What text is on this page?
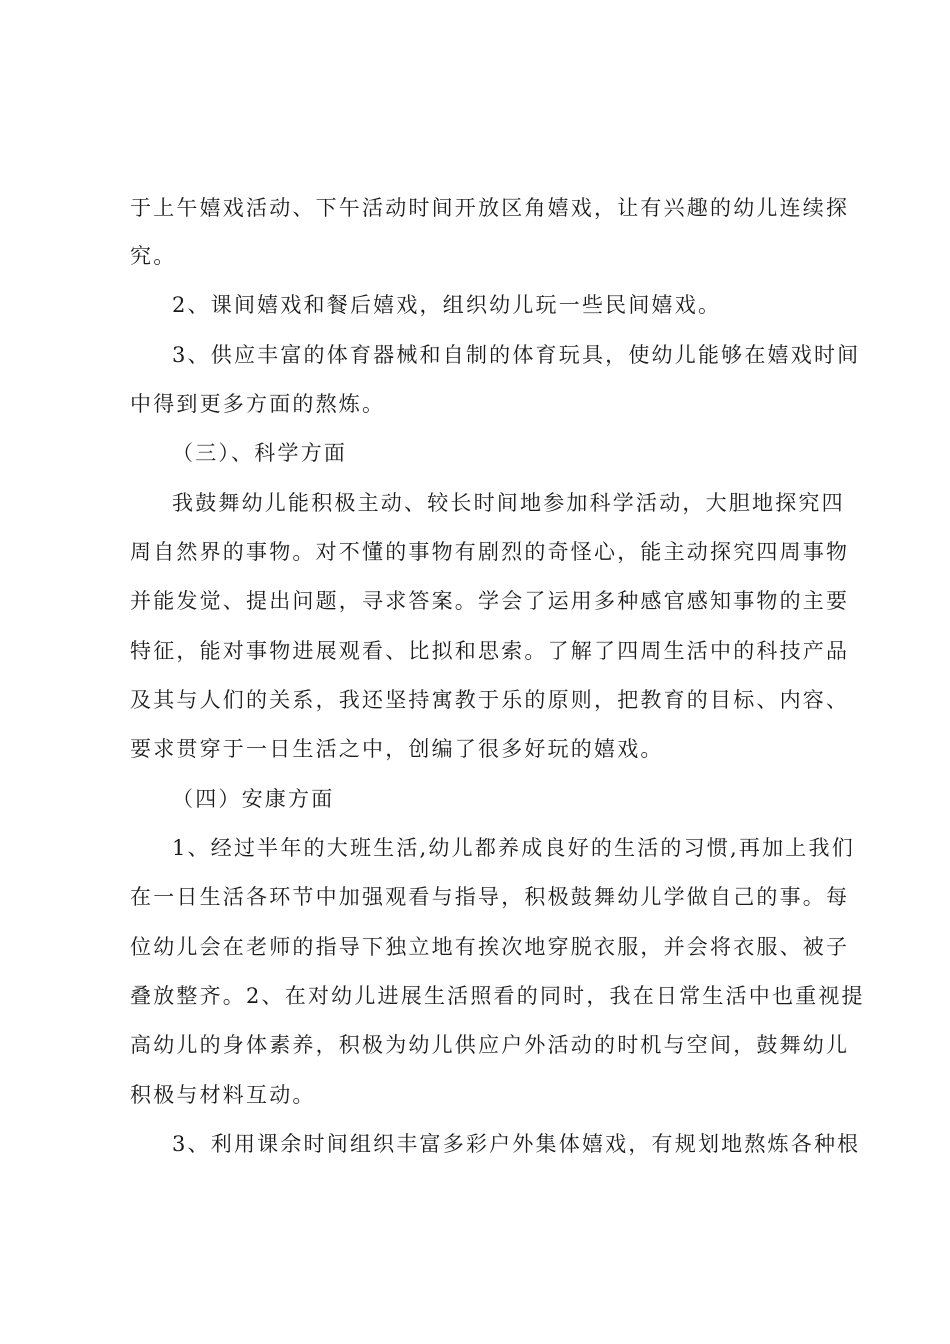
于上午嬉戏活动、下午活动时间开放区角嬉戏，让有兴趣的幼儿连续探
究。
2、课间嬉戏和餐后嬉戏，组织幼儿玩一些民间嬉戏。
3、供应丰富的体育器械和自制的体育玩具，使幼儿能够在嬉戏时间
中得到更多方面的熬炼。
（三）、科学方面
我鼓舞幼儿能积极主动、较长时间地参加科学活动，大胆地探究四
周自然界的事物。对不懂的事物有剧烈的奇怪心，能主动探究四周事物
并能发觉、提出问题，寻求答案。学会了运用多种感官感知事物的主要
特征，能对事物进展观看、比拟和思索。了解了四周生活中的科技产品
及其与人们的关系，我还坚持寓教于乐的原则，把教育的目标、内容、
要求贯穿于一日生活之中，创编了很多好玩的嬉戏。
（四）安康方面
1、经过半年的大班生活,幼儿都养成良好的生活的习惯,再加上我们
在一日生活各环节中加强观看与指导，积极鼓舞幼儿学做自己的事。每
位幼儿会在老师的指导下独立地有挨次地穿脱衣服，并会将衣服、被子
叠放整齐。2、在对幼儿进展生活照看的同时，我在日常生活中也重视提
高幼儿的身体素养，积极为幼儿供应户外活动的时机与空间，鼓舞幼儿
积极与材料互动。
3、利用课余时间组织丰富多彩户外集体嬉戏，有规划地熬炼各种根
